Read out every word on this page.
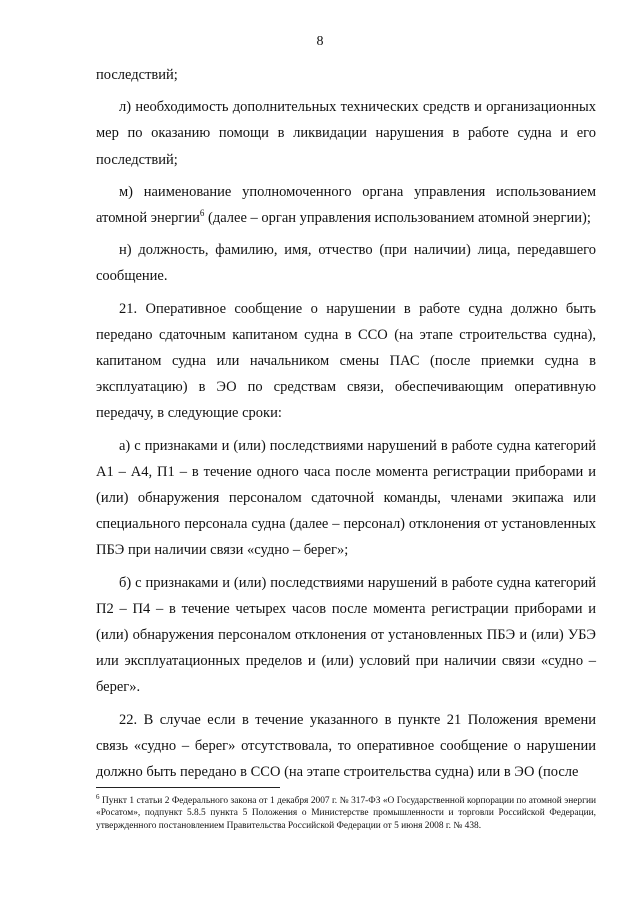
8

последствий;

л) необходимость дополнительных технических средств и организационных мер по оказанию помощи в ликвидации нарушения в работе судна и его последствий;

м) наименование уполномоченного органа управления использованием атомной энергии$^6$ (далее – орган управления использованием атомной энергии);

н) должность, фамилию, имя, отчество (при наличии) лица, передавшего сообщение.

21. Оперативное сообщение о нарушении в работе судна должно быть передано сдаточным капитаном судна в ССО (на этапе строительства судна), капитаном судна или начальником смены ПАС (после приемки судна в эксплуатацию) в ЭО по средствам связи, обеспечивающим оперативную передачу, в следующие сроки:

а) с признаками и (или) последствиями нарушений в работе судна категорий А1 – А4, П1 – в течение одного часа после момента регистрации приборами и (или) обнаружения персоналом сдаточной команды, членами экипажа или специального персонала судна (далее – персонал) отклонения от установленных ПБЭ при наличии связи «судно – берег»;

б) с признаками и (или) последствиями нарушений в работе судна категорий П2 – П4 – в течение четырех часов после момента регистрации приборами и (или) обнаружения персоналом отклонения от установленных ПБЭ и (или) УБЭ или эксплуатационных пределов и (или) условий при наличии связи «судно – берег».

22. В случае если в течение указанного в пункте 21 Положения времени связь «судно – берег» отсутствовала, то оперативное сообщение о нарушении должно быть передано в ССО (на этапе строительства судна) или в ЭО (после

$^6$ Пункт 1 статьи 2 Федерального закона от 1 декабря 2007 г. № 317-ФЗ «О Государственной корпорации по атомной энергии «Росатом», подпункт 5.8.5 пункта 5 Положения о Министерстве промышленности и торговли Российской Федерации, утвержденного постановлением Правительства Российской Федерации от 5 июня 2008 г. № 438.
